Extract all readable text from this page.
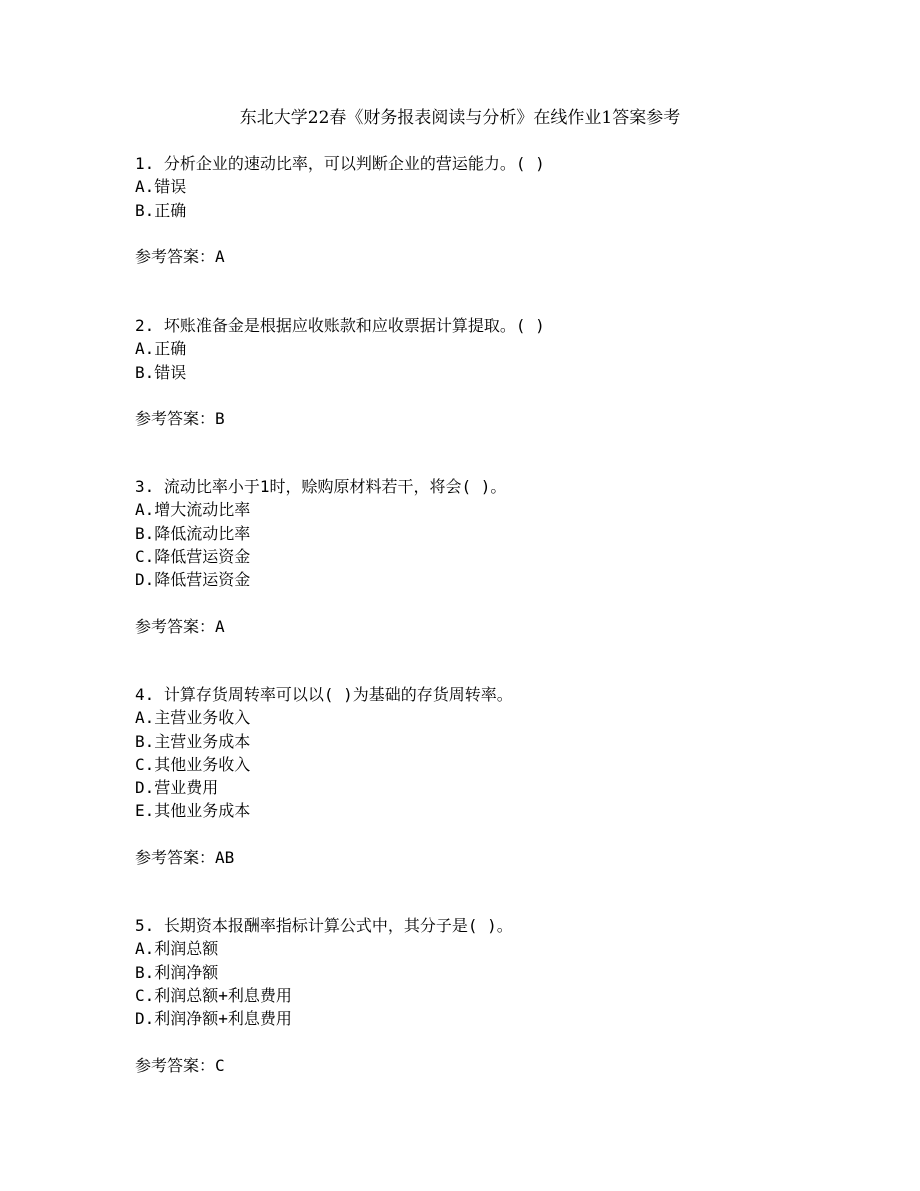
东北大学22春《财务报表阅读与分析》在线作业1答案参考
1. 分析企业的速动比率，可以判断企业的营运能力。( )
A.错误
B.正确
参考答案：A
2. 坏账准备金是根据应收账款和应收票据计算提取。( )
A.正确
B.错误
参考答案：B
3. 流动比率小于1时，赊购原材料若干，将会( )。
A.增大流动比率
B.降低流动比率
C.降低营运资金
D.降低营运资金
参考答案：A
4. 计算存货周转率可以以( )为基础的存货周转率。
A.主营业务收入
B.主营业务成本
C.其他业务收入
D.营业费用
E.其他业务成本
参考答案：AB
5. 长期资本报酬率指标计算公式中，其分子是( )。
A.利润总额
B.利润净额
C.利润总额+利息费用
D.利润净额+利息费用
参考答案：C
